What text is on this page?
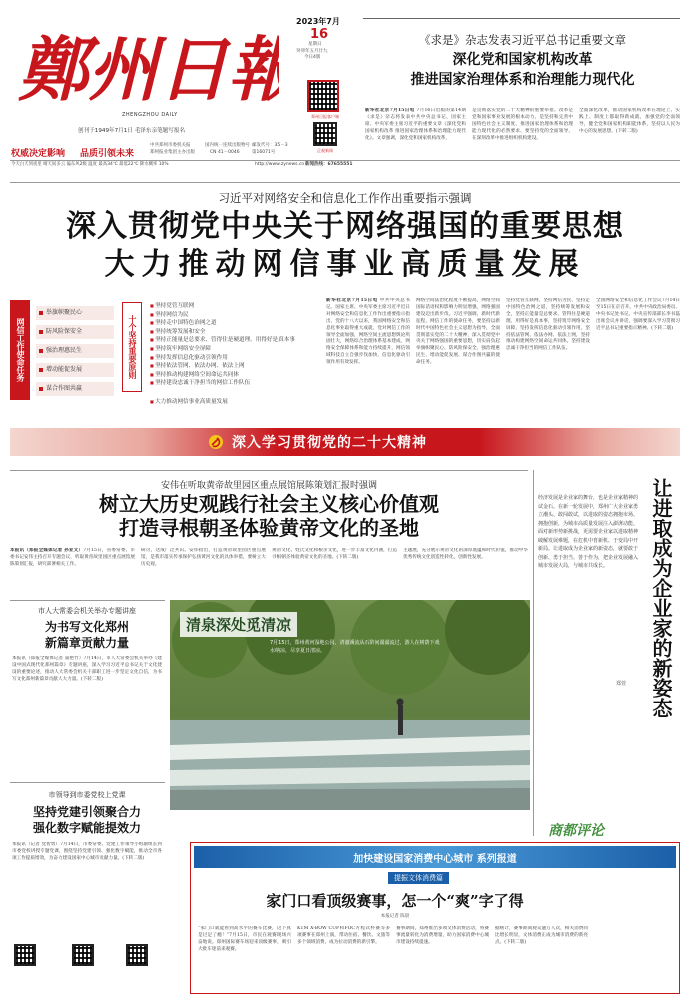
鄭州日報
ZHENGZHOU DAILY
创刊于1949年7月1日 毛泽东亲笔题写报名
2023年7月
16
星期日
癸卯年五月廿九
今日4版
郑州日报客户端
正观新闻
权威决定影响 品质引领未来
中共郑州市委机关报
郑州报业集团主办出版
国内统一连续出版物号
CN 41－0046
邮发代号：35－3
第16071号
今天白天到夜里 晴天间多云 偏东风2级 温度 最高34℃ 最低22℃ 降水概率 10%	http://www.zynews.cn 新闻热线：67655551
《求是》杂志发表习近平总书记重要文章
深化党和国家机构改革
推进国家治理体系和治理能力现代化
新华社北京7月15日电 7月16日出版的第14期《求是》杂志将发表中共中央总书记、国家主席、中央军委主席习近平的重要文章《深化党和国家机构改革 推进国家治理体系和治理能力现代化》。文章强调，深化党和国家机构改革，
是贯彻落实党的二十大精神的重要举措。改革是党和国家事业发展的根本动力，是坚持和完善中国特色社会主义制度、推进国家治理体系和治理能力现代化的必然要求。要坚持党的全面领导，在深刻改革中推进组织机构建设。
全面深化改革，推动国家机构改革在理论上、实践上、制度上都取得新成就，加强党的全面领导，健全党和国家机构职能体系，坚持以人民为中心的发展思想。(下转二版)
习近平对网络安全和信息化工作作出重要指示强调
深入贯彻党中央关于网络强国的重要思想
大力推动网信事业高质量发展
网信工作使命任务
举旗帜聚民心
防风险保安全
强治理惠民生
增动能促发展
谋合作图共赢
十个坚持重要原则
■ 坚持党管互联网
■ 坚持网信为民
■ 坚持走中国特色治网之道
■ 坚持统筹发展和安全
■ 坚持正能量是总要求、管得住是硬道理、用得好是真本事
■ 坚持筑牢网络安全屏障
■ 坚持发挥信息化驱动引领作用
■ 坚持依法管网、依法办网、依法上网
■ 坚持推动构建网络空间命运共同体
■ 坚持建设忠诚干净担当的网信工作队伍
■ 大力推动网信事业高质量发展
新华社北京7月15日电 中共中央总书记、国家主席、中央军委主席习近平近日对网络安全和信息化工作作出重要指示指出，党的十八大以来，我国网络安全和信息化事业取得重大成就，党对网信工作的领导全面加强，网络空间主流思想舆论巩固壮大，网络综合治理体系基本建成，网络安全保障体系和能力持续提升，网信领域科技自立自强步伐加快，信息化驱动引领作用有效发挥。
网络空间法治化程度不断提高，网络空间国际话语权和影响力明显增强，网络强国建设迈出新步伐。习近平强调，新时代新征程，网信工作的使命任务，要坚持以新时代中国特色社会主义思想为指导，全面贯彻落实党的二十大精神，深入贯彻党中央关于网络强国的重要思想，切实肩负起举旗帜聚民心、防风险保安全、强治理惠民生、增动能促发展、谋合作图共赢的使命任务。
坚持党管互联网，坚持网信为民，坚持走中国特色治网之道，坚持统筹发展和安全，坚持正能量是总要求、管得住是硬道理、用得好是真本事，坚持筑牢网络安全屏障，坚持发挥信息化驱动引领作用，坚持依法管网、依法办网、依法上网，坚持推动构建网络空间命运共同体，坚持建设忠诚干净担当的网信工作队伍。
全国网络安全和信息化工作会议7月14日至15日在京召开。中共中央政治局委员、中央书记处书记、中央宣传部部长李书磊出席会议并讲话，强调要深入学习贯彻习近平总书记重要指示精神。(下转二版)
深入学习贯彻党的二十大精神
安伟在听取黄帝故里园区重点展馆展陈策划汇报时强调
树立大历史观践行社会主义核心价值观
打造寻根朝圣体验黄帝文化的圣地
本报讯（郑报全媒体记者 孙亚文）7月15日，省委常委、市委书记安伟主持召开专题会议，听取黄帝故里园区重点展馆展陈策划汇报，研究部署相关工作。
研讨，达成广泛共识。安伟指出，打造黄帝故里园区重点展馆，是我市落实传承保护弘扬黄河文化的具体举措，要树立大历史观。
黄帝文化、姓氏文化和根亲文化，进一步丰富文化内涵，打造寻根朝圣体验黄帝文化的圣地。(下转二版)
主题展，充分展示黄帝文化的深厚底蕴和时代价值，推动中华优秀传统文化创造性转化、创新性发展。
市人大常委会机关举办专题讲座
为书写文化郑州
新篇章贡献力量
本报讯（郑报全媒体记者 董艳竹）7月14日，市人大常委会机关举办《建设中国式现代化郑州篇章》专题讲座，深入学习习近平总书记关于文化建设的重要论述，推动人大常委会机关干部职工进一步坚定文化自信，为书写文化郑州新篇章贡献人大力量。(下转二版)
清泉深处觅清凉
7月15日，郑州黄河湿地公园，清澈溪流从石阶间潺潺流过，游人在树荫下戏水纳凉，尽享夏日清凉。
市领导到市委党校上党课
坚持党建引领聚合力
强化数字赋能提效力
本报讯（记者 党智勇）7月14日，市委常委、党建工作领导小组副组长到市委党校讲授专题党课，围绕坚持党建引领、强化数字赋能，推动全市各项工作提质增效，为奋力建设国家中心城市贡献力量。(下转二版)
经济发展是企业家的舞台，也是企业家精神的试金石。在新一轮发展中，郑州广大企业家勇立潮头、敢闯敢试，以进取的姿态拥抱市场、拥抱创新，为城市高质量发展注入澎湃动能。面对新形势新挑战，更需要企业家以进取精神破解发展难题，在危机中育新机、于变局中开新局。让进取成为企业家的新姿态，就要敢于创新、勇于担当、善于作为，把企业发展融入城市发展大局，与城市共成长。	让进取成为企业家的新姿态
郑萱
商都评论
加快建设国家消费中心城市 系列报道
提振文体消费篇
家门口看顶级赛事，怎一个“爽”字了得
本报记者 陈晨
“家门口就能看到高水平的赛车比赛，这下真是过足了瘾！”7月15日，市民在观赛现场兴奋地说。郑州国际赛车场迎来顶级赛事，吸引大批车迷前来观赛。
KTM X-BOW CUP和FOC方程式杯赛等多项赛事在郑州上演，带动住宿、餐饮、文旅等多个领域消费，成为拉动消费的新引擎。
赛事期间，郑州推出多项文体消费活动，将赛事流量转化为消费增量，助力国家消费中心城市建设持续提速。
据统计，赛事期间观众逾万人次，相关消费同比增长明显，文体消费正成为城市消费的新亮点。(下转二版)
